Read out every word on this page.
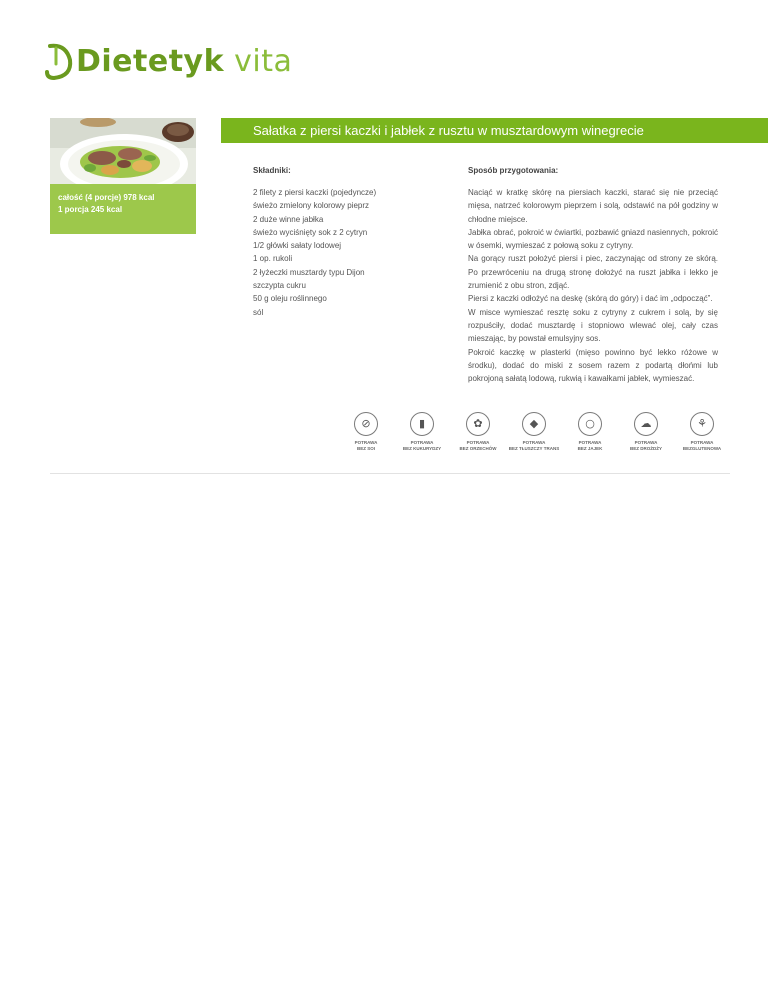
Dietetyk vita
całość (4 porcje) 978 kcal
1 porcja 245 kcal
Sałatka z piersi kaczki i jabłek z rusztu w musztardowym winegrecie
Składniki:	Sposób przygotowania:
2 filety z piersi kaczki (pojedyncze)
świeżo zmielony kolorowy pieprz
2 duże winne jabłka
świeżo wyciśnięty sok z 2 cytryn
1/2 główki sałaty lodowej
1 op. rukoli
2 łyżeczki musztardy typu Dijon
szczypta cukru
50 g oleju roślinnego
sól
Naciąć w kratkę skórę na piersiach kaczki, starać się nie przeciąć mięsa, natrzeć kolorowym pieprzem i solą, odstawić na pół godziny w chłodne miejsce.
Jabłka obrać, pokroić w ćwiartki, pozbawić gniazd nasiennych, pokroić w ósemki, wymieszać z połową soku z cytryny.
Na gorący ruszt położyć piersi i piec, zaczynając od strony ze skórą. Po przewróceniu na drugą stronę dołożyć na ruszt jabłka i lekko je zrumienić z obu stron, zdjąć.
Piersi z kaczki odłożyć na deskę (skórą do góry) i dać im „odpocząć”.
W misce wymieszać resztę soku z cytryny z cukrem i solą, by się rozpuściły, dodać musztardę i stopniowo wlewać olej, cały czas mieszając, by powstał emulsyjny sos.
Pokroić kaczkę w plasterki (mięso powinno być lekko różowe w środku), dodać do miski z sosem razem z podartą dłońmi lub pokrojoną sałatą lodową, rukwią i kawałkami jabłek, wymieszać.
⊘
POTRAWA
BEZ SOI
▮
POTRAWA
BEZ KUKURYDZY
✿
POTRAWA
BEZ ORZECHÓW
◆
POTRAWA
BEZ TŁUSZCZY TRANS
○
POTRAWA
BEZ JAJEK
☁
POTRAWA
BEZ DROŻDŻY
⚘
POTRAWA
BEZGLUTENOWA
